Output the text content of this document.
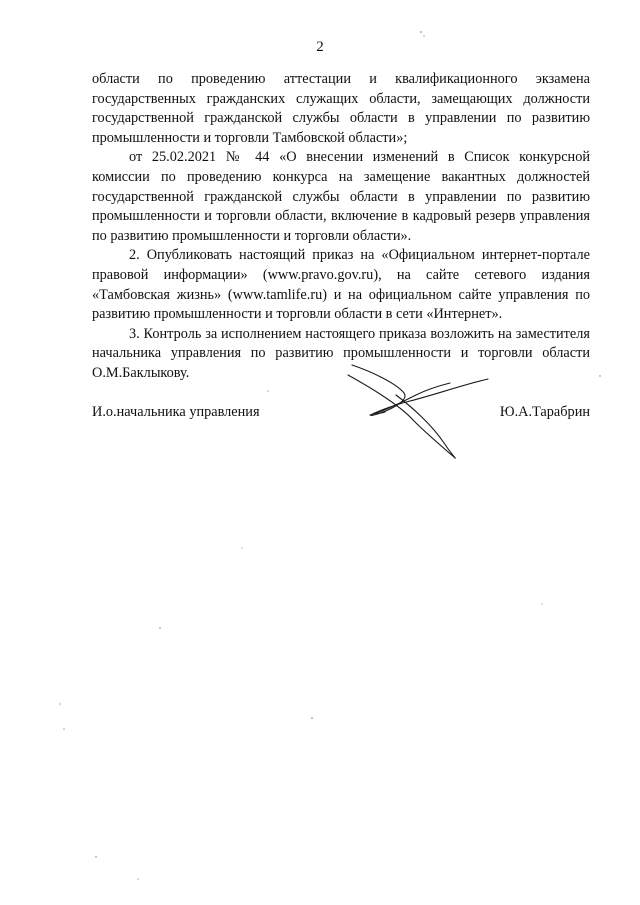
2

области по проведению аттестации и квалификационного экзамена государственных гражданских служащих области, замещающих должности государственной гражданской службы области в управлении по развитию промышленности и торговли Тамбовской области»;

от 25.02.2021 № 44 «О внесении изменений в Список конкурсной комиссии по проведению конкурса на замещение вакантных должностей государственной гражданской службы области в управлении по развитию промышленности и торговли области, включение в кадровый резерв управления по развитию промышленности и торговли области».

2. Опубликовать настоящий приказ на «Официальном интернет-портале правовой информации» (www.pravo.gov.ru), на сайте сетевого издания «Тамбовская жизнь» (www.tamlife.ru) и на официальном сайте управления по развитию промышленности и торговли области в сети «Интернет».

3. Контроль за исполнением настоящего приказа возложить на заместителя начальника управления по развитию промышленности и торговли области О.М.Баклыкову.

И.о.начальника управления	Ю.А.Тарабрин
